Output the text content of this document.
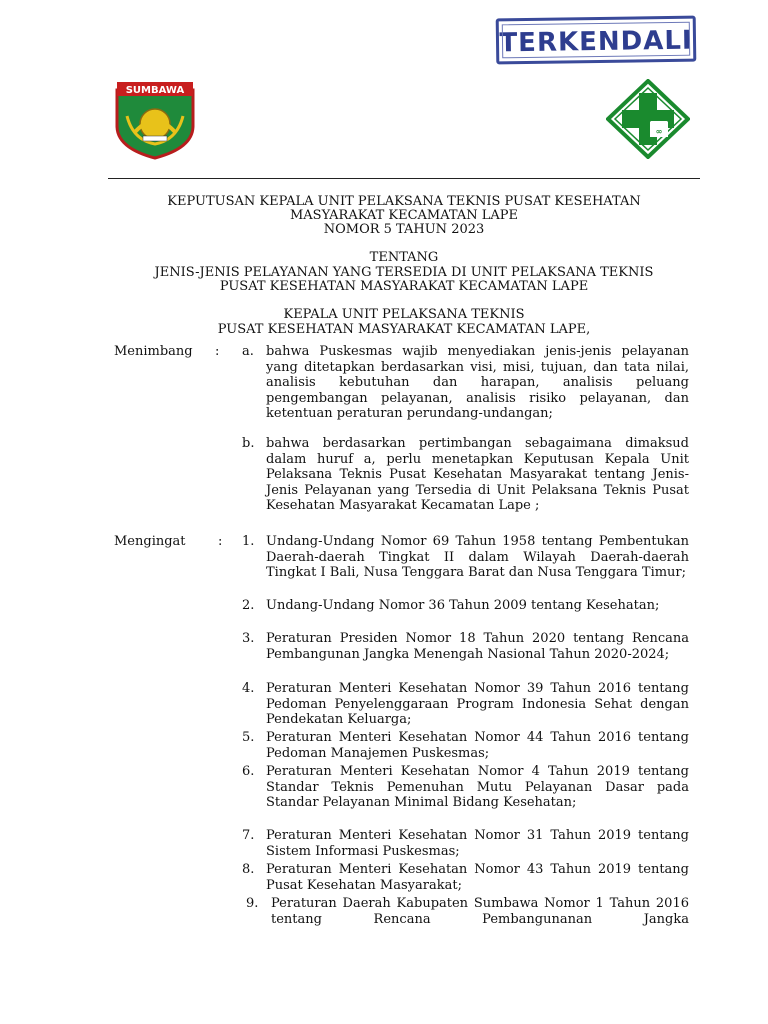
TERKENDALI
SUMBAWA
∞
KEPUTUSAN KEPALA UNIT PELAKSANA TEKNIS PUSAT KESEHATAN
MASYARAKAT KECAMATAN LAPE
NOMOR 5 TAHUN 2023
TENTANG
JENIS-JENIS PELAYANAN YANG TERSEDIA DI UNIT PELAKSANA TEKNIS
PUSAT KESEHATAN MASYARAKAT KECAMATAN LAPE
KEPALA UNIT PELAKSANA TEKNIS
PUSAT KESEHATAN MASYARAKAT KECAMATAN LAPE,
Menimbang : a. bahwa Puskesmas wajib menyediakan jenis-jenis pelayanan yang ditetapkan berdasarkan visi, misi, tujuan, dan tata nilai, analisis kebutuhan dan harapan, analisis peluang pengembangan pelayanan, analisis risiko pelayanan, dan ketentuan peraturan perundang-undangan;

b. bahwa berdasarkan pertimbangan sebagaimana dimaksud dalam huruf a, perlu menetapkan Keputusan Kepala Unit Pelaksana Teknis Pusat Kesehatan Masyarakat tentang Jenis-Jenis Pelayanan yang Tersedia di Unit Pelaksana Teknis Pusat Kesehatan Masyarakat Kecamatan Lape ;

Mengingat : 1. Undang-Undang Nomor 69 Tahun 1958 tentang Pembentukan Daerah-daerah Tingkat II dalam Wilayah Daerah-daerah Tingkat I Bali, Nusa Tenggara Barat dan Nusa Tenggara Timur;

2. Undang-Undang Nomor 36 Tahun 2009 tentang Kesehatan;

3. Peraturan Presiden Nomor 18 Tahun 2020 tentang Rencana Pembangunan Jangka Menengah Nasional Tahun 2020-2024;

4. Peraturan Menteri Kesehatan Nomor 39 Tahun 2016 tentang Pedoman Penyelenggaraan Program Indonesia Sehat dengan Pendekatan Keluarga;

5. Peraturan Menteri Kesehatan Nomor 44 Tahun 2016 tentang Pedoman Manajemen Puskesmas;

6. Peraturan Menteri Kesehatan Nomor 4 Tahun 2019 tentang Standar Teknis Pemenuhan Mutu Pelayanan Dasar pada Standar Pelayanan Minimal Bidang Kesehatan;

7. Peraturan Menteri Kesehatan Nomor 31 Tahun 2019 tentang Sistem Informasi Puskesmas;

8. Peraturan Menteri Kesehatan Nomor 43 Tahun 2019 tentang Pusat Kesehatan Masyarakat;

9. Peraturan Daerah Kabupaten Sumbawa Nomor 1 Tahun 2016 tentang Rencana Pembangunanan Jangka
